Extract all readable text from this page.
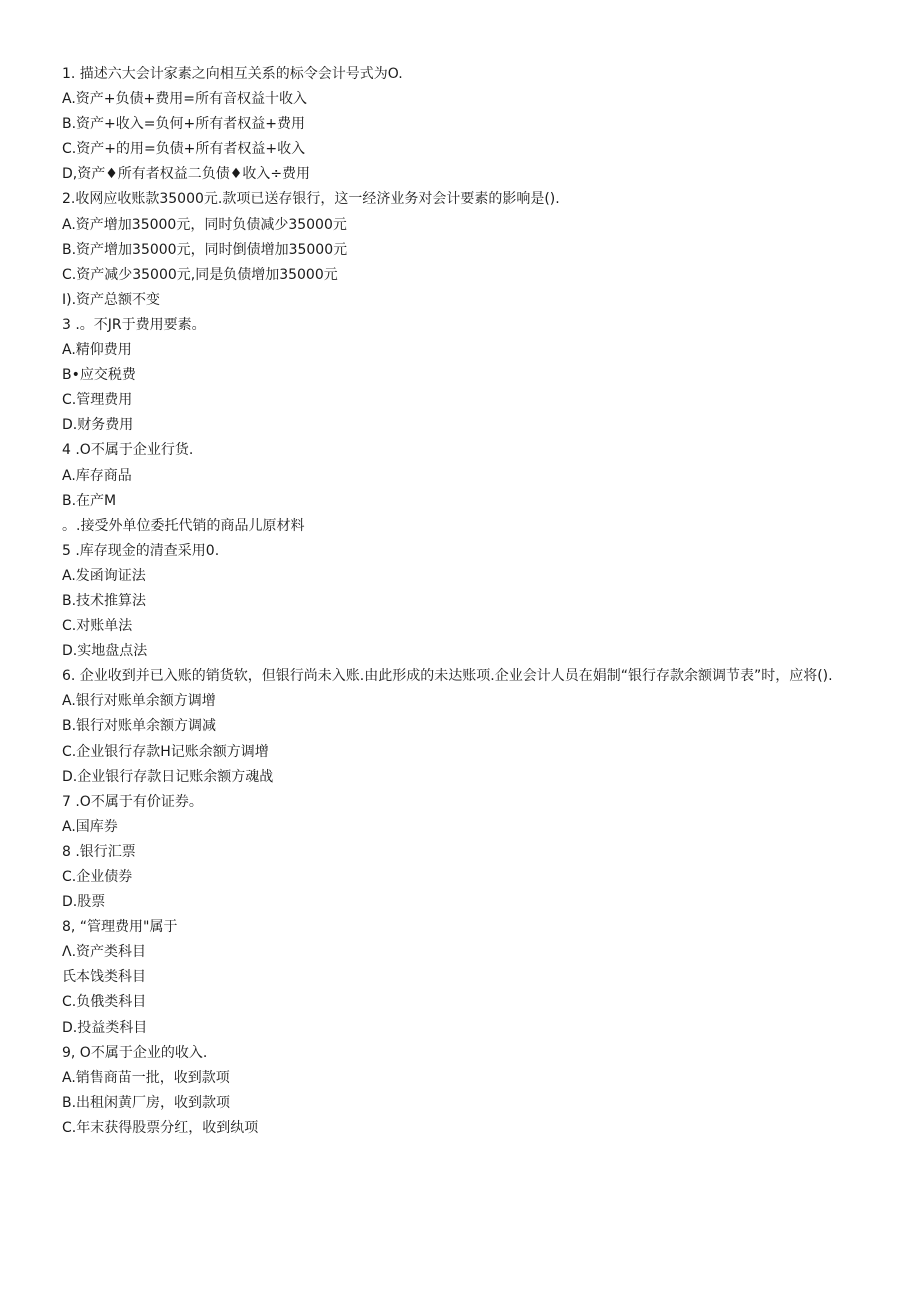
1. 描述六大会计家素之向相互关系的标令会计号式为O.
A.资产+负债+费用=所有音权益十收入
B.资产+收入=负何+所有者权益+费用
C.资产+的用=负债+所有者权益+收入
D,资产♦所有者权益二负债♦收入÷费用
2.收网应收账款35000元.款项已送存银行，这一经济业务对会计要素的影响是().
A.资产增加35000元，同时负债减少35000元
B.资产增加35000元，同时倒债增加35000元
C.资产减少35000元,同是负债增加35000元
I).资产总额不变
3 .。不JR于费用要素。
A.精仰费用
B•应交税费
C.管理费用
D.财务费用
4 .O不属于企业行货.
A.库存商品
B.在产M
。.接受外单位委托代销的商品儿原材料
5 .库存现金的清查采用0.
A.发函询证法
B.技术推算法
C.对账单法
D.实地盘点法
6. 企业收到并已入账的销货软，但银行尚未入账.由此形成的未达账项.企业会计人员在娟制“银行存款余额调节表”时，应将().
A.银行对账单余额方调增
B.银行对账单余额方调减
C.企业银行存款H记账余额方调增
D.企业银行存款日记账余额方魂战
7 .O不属于有价证券。
A.国库券
8 .银行汇票
C.企业债券
D.股票
8, “管理费用"属于
Λ.资产类科目
氏本饯类科目
C.负俄类科目
D.投益类科目
9, O不属于企业的收入.
A.销售商苗一批，收到款项
B.出租闲黄厂房，收到款项
C.年末获得股票分红，收到纨项
